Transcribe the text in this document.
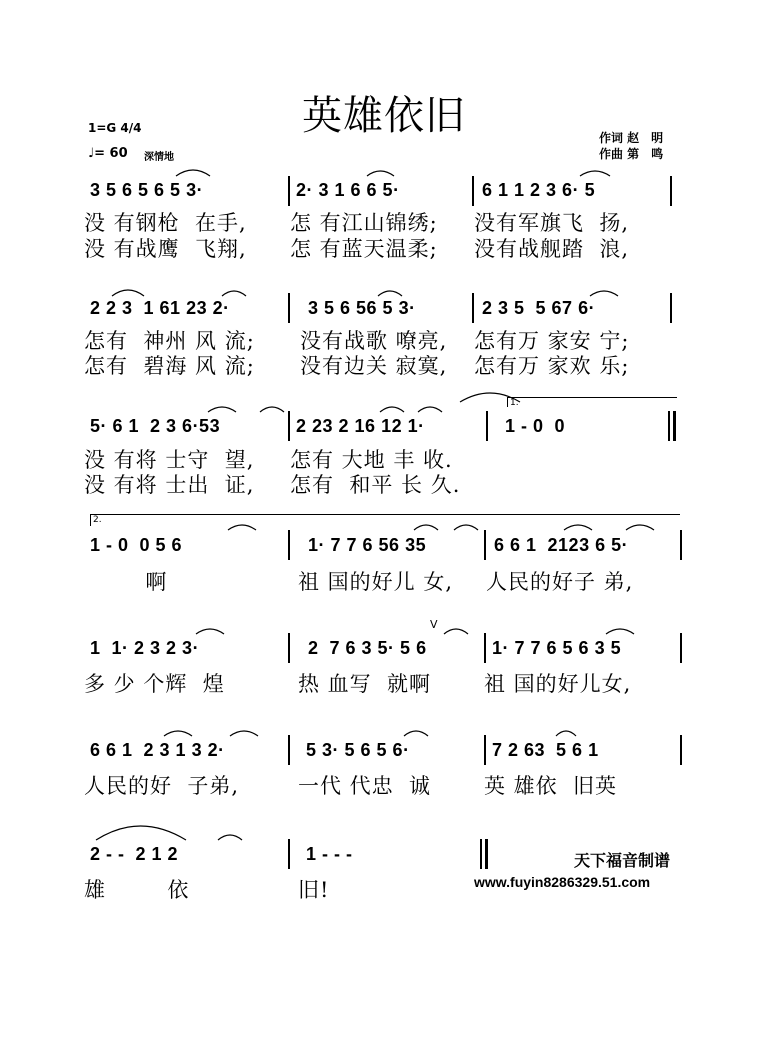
英雄依旧
1=G 4/4
♩= 60 深情地
作词 赵　明
作曲 第　鸣
3 5 6 5 6 5 3·	2· 3 1 6 6 5·	6 1 1 2 3 6· 5
没 有钢枪  在手, 怎 有江山锦绣; 没有军旗飞  扬,
没 有战鹰  飞翔, 怎 有蓝天温柔; 没有战舰踏  浪,
2 2 3  1 61 23 2·	3 5 6 56 5 3·	2 3 5  5 67 6·
怎有  神州 风 流; 没有战歌 嘹亮, 怎有万 家安 宁;
怎有  碧海 风 流; 没有边关 寂寞, 怎有万 家欢 乐;
5· 6 1  2 3 6·53	2 23 2 16 12 1·	1 - 0  0
1.
没 有将 士守  望, 怎有 大地 丰 收.
没 有将 士出  证, 怎有  和平 长 久.
2.
1 - 0  0 5 6	1· 7 7 6 56 35	6 6 1  2123 6 5·
啊	祖 国的好儿 女, 人民的好子 弟,
V
1  1· 2 3 2 3·	2  7 6 3 5· 5 6	1· 7 7 6 5 6 3 5
多 少 个辉  煌	热 血写  就啊	祖 国的好儿女,
6 6 1  2 3 1 3 2·	5 3· 5 6 5 6·	7 2 63  5 6 1
人民的好  子弟,	一代 代忠  诚	英 雄依  旧英
2 - -  2 1 2	1 - - -
雄        依	旧!
天下福音制谱
www.fuyin8286329.51.com
